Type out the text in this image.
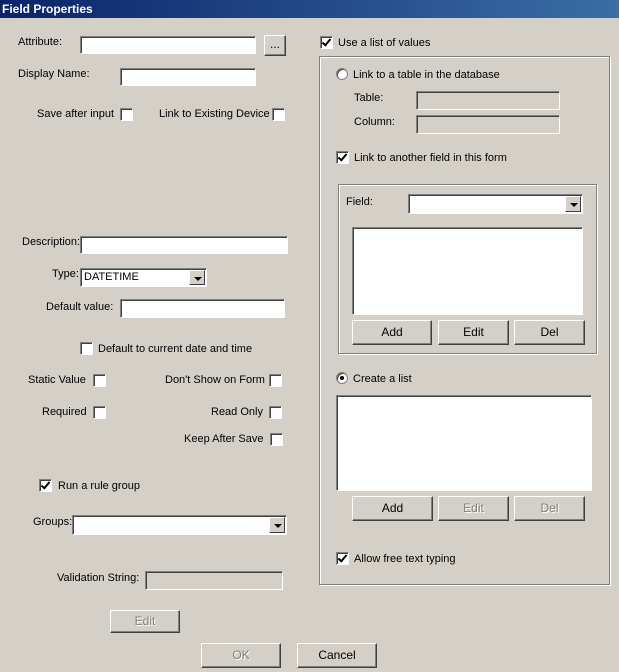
Field Properties
Attribute:	...
Display Name:
Save after input	Link to Existing Device
Description:
Type: DATETIME
Default value:
Default to current date and time
Static Value	Don't Show on Form
Required	Read Only
Keep After Save
Run a rule group
Groups:
Validation String:
Edit
Use a list of values
Link to a table in the database
Table:
Column:
Link to another field in this form
Field:
Add	Edit	Del
Create a list
Add	Edit	Del
Allow free text typing
OK	Cancel
